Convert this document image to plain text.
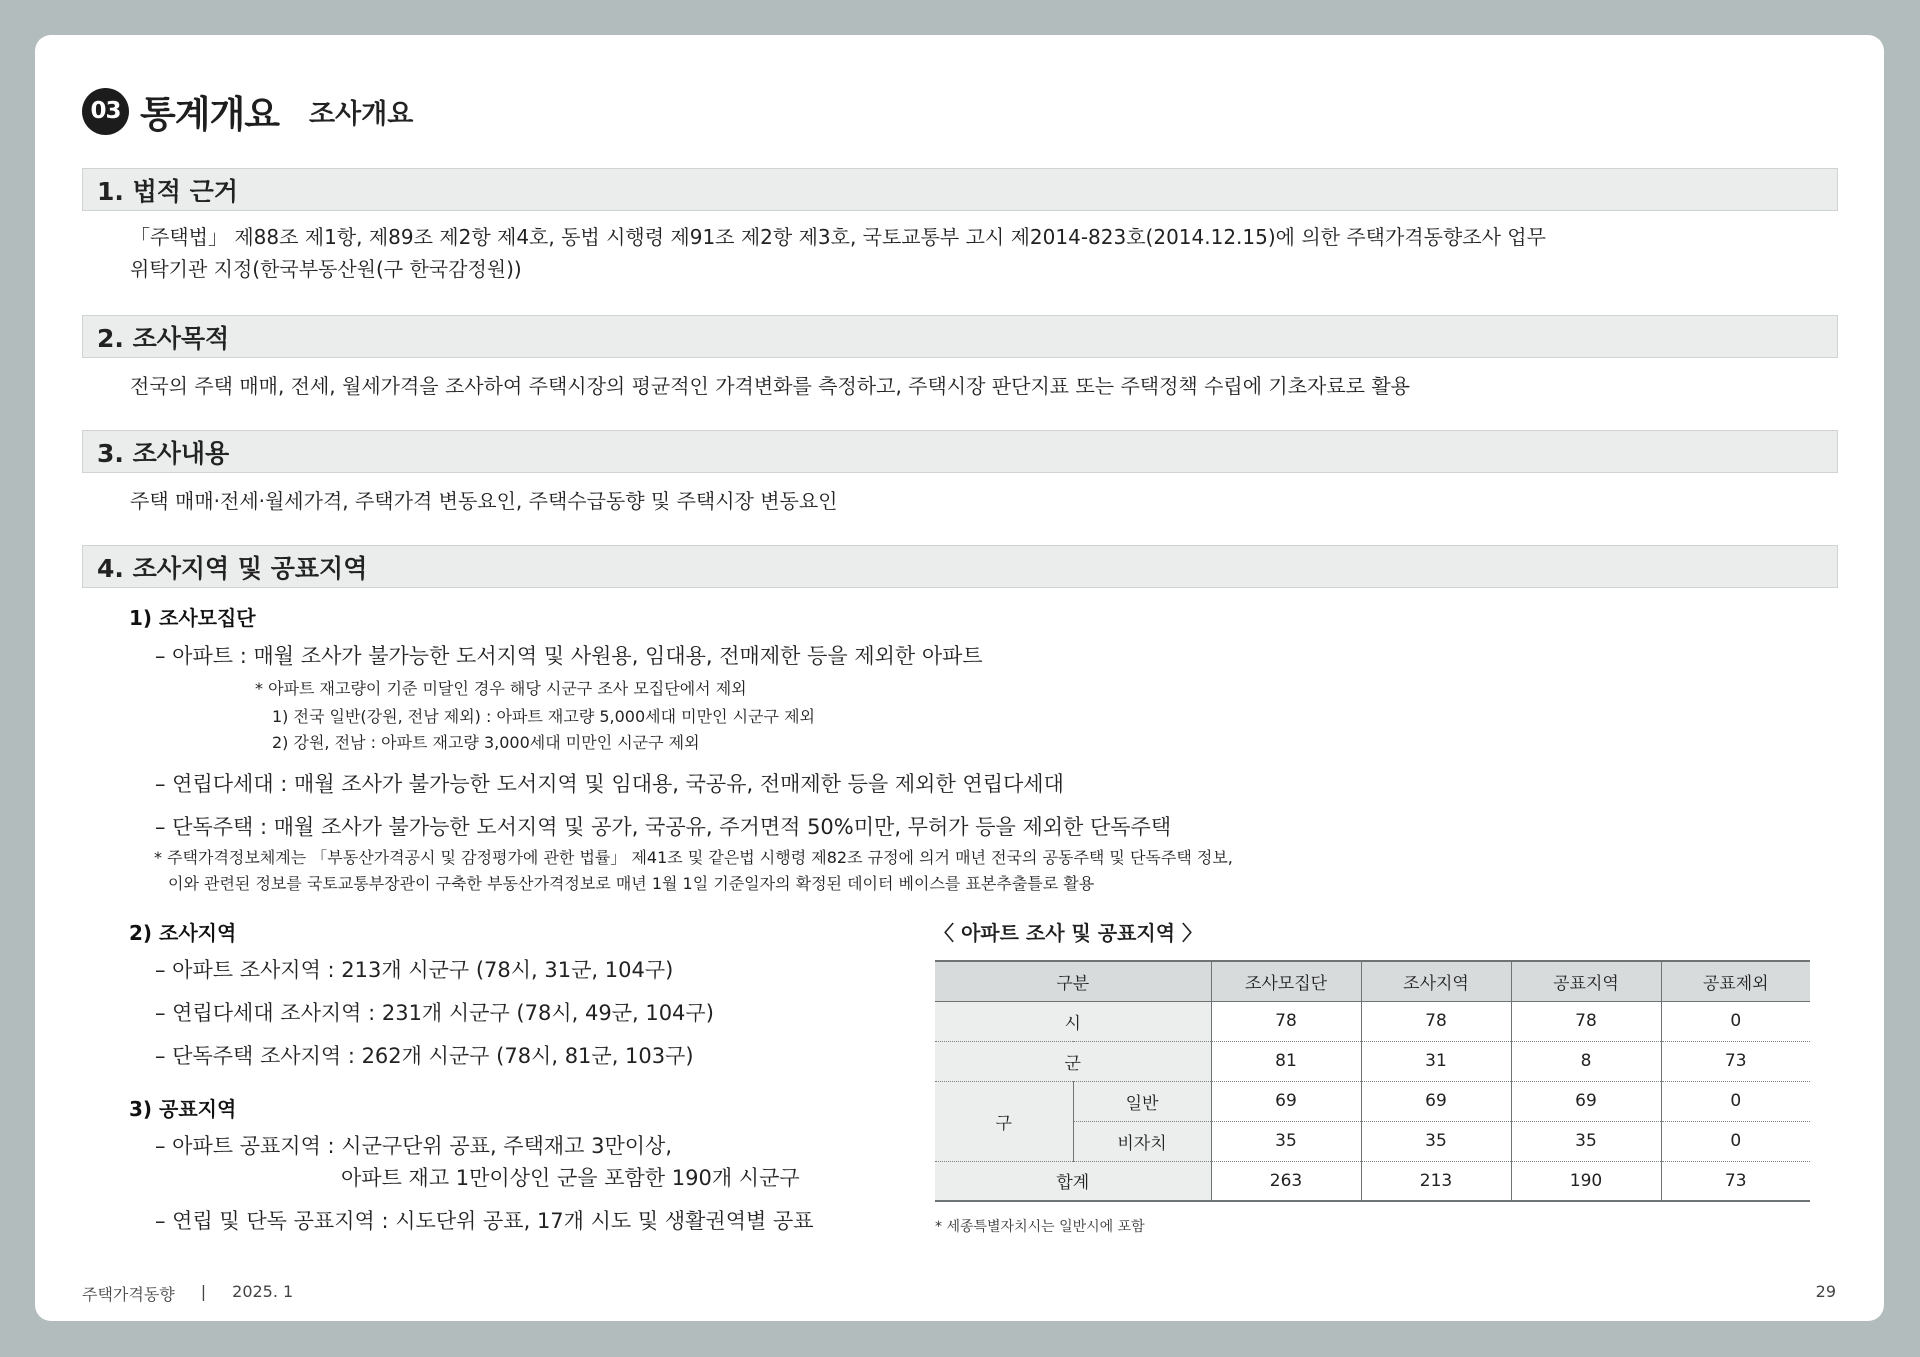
03 통계개요 조사개요
1. 법적 근거
「주택법」 제88조 제1항, 제89조 제2항 제4호, 동법 시행령 제91조 제2항 제3호, 국토교통부 고시 제2014-823호(2014.12.15)에 의한 주택가격동향조사 업무
위탁기관 지정(한국부동산원(구 한국감정원))
2. 조사목적
전국의 주택 매매, 전세, 월세가격을 조사하여 주택시장의 평균적인 가격변화를 측정하고, 주택시장 판단지표 또는 주택정책 수립에 기초자료로 활용
3. 조사내용
주택 매매·전세·월세가격, 주택가격 변동요인, 주택수급동향 및 주택시장 변동요인
4. 조사지역 및 공표지역
1) 조사모집단
– 아파트 : 매월 조사가 불가능한 도서지역 및 사원용, 임대용, 전매제한 등을 제외한 아파트
* 아파트 재고량이 기준 미달인 경우 해당 시군구 조사 모집단에서 제외
1) 전국 일반(강원, 전남 제외) : 아파트 재고량 5,000세대 미만인 시군구 제외
2) 강원, 전남 : 아파트 재고량 3,000세대 미만인 시군구 제외
– 연립다세대 : 매월 조사가 불가능한 도서지역 및 임대용, 국공유, 전매제한 등을 제외한 연립다세대
– 단독주택 : 매월 조사가 불가능한 도서지역 및 공가, 국공유, 주거면적 50%미만, 무허가 등을 제외한 단독주택
* 주택가격정보체계는 「부동산가격공시 및 감정평가에 관한 법률」 제41조 및 같은법 시행령 제82조 규정에 의거 매년 전국의 공동주택 및 단독주택 정보,
이와 관련된 정보를 국토교통부장관이 구축한 부동산가격정보로 매년 1월 1일 기준일자의 확정된 데이터 베이스를 표본추출틀로 활용
2) 조사지역
– 아파트 조사지역 : 213개 시군구 (78시, 31군, 104구)
– 연립다세대 조사지역 : 231개 시군구 (78시, 49군, 104구)
– 단독주택 조사지역 : 262개 시군구 (78시, 81군, 103구)
3) 공표지역
– 아파트 공표지역 : 시군구단위 공표, 주택재고 3만이상,
아파트 재고 1만이상인 군을 포함한 190개 시군구
– 연립 및 단독 공표지역 : 시도단위 공표, 17개 시도 및 생활권역별 공표
〈 아파트 조사 및 공표지역 〉
구분		조사모집단	조사지역	공표지역	공표제외
시		78	78	78	0
군		81	31	8	73
구	일반	69	69	69	0
	비자치	35	35	35	0
합계		263	213	190	73
* 세종특별자치시는 일반시에 포함
주택가격동향 | 2025. 1	29
